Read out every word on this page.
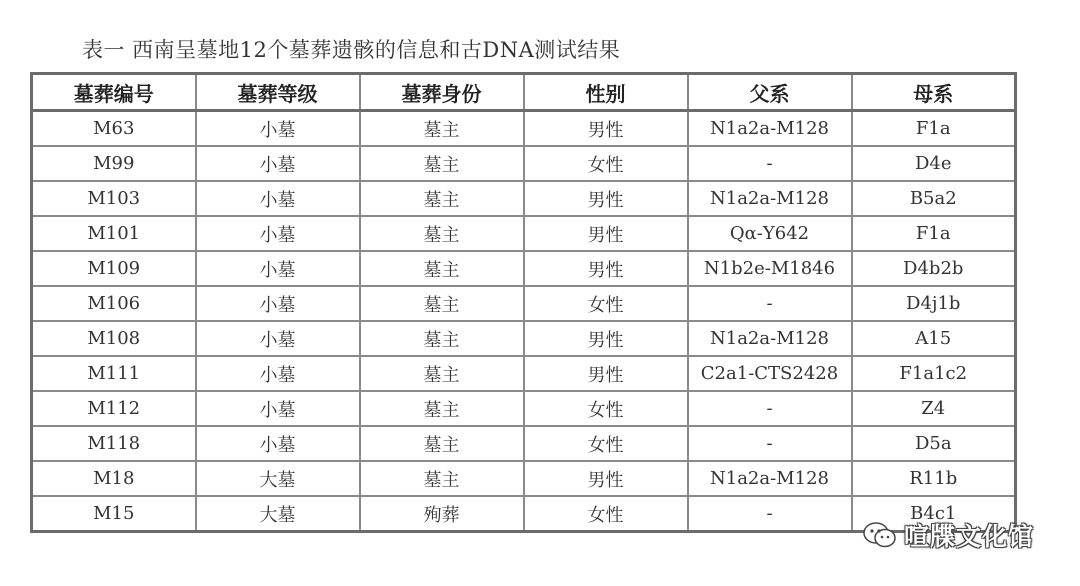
表一 西南呈墓地12个墓葬遗骸的信息和古DNA测试结果
墓葬编号	墓葬等级	墓葬身份	性别	父系	母系
M63	小墓	墓主	男性	N1a2a-M128	F1a
M99	小墓	墓主	女性	-	D4e
M103	小墓	墓主	男性	N1a2a-M128	B5a2
M101	小墓	墓主	男性	Qα-Y642	F1a
M109	小墓	墓主	男性	N1b2e-M1846	D4b2b
M106	小墓	墓主	女性	-	D4j1b
M108	小墓	墓主	男性	N1a2a-M128	A15
M111	小墓	墓主	男性	C2a1-CTS2428	F1a1c2
M112	小墓	墓主	女性	-	Z4
M118	小墓	墓主	女性	-	D5a
M18	大墓	墓主	男性	N1a2a-M128	R11b
M15	大墓	殉葬	女性	-	B4c1
喧牒文化馆
